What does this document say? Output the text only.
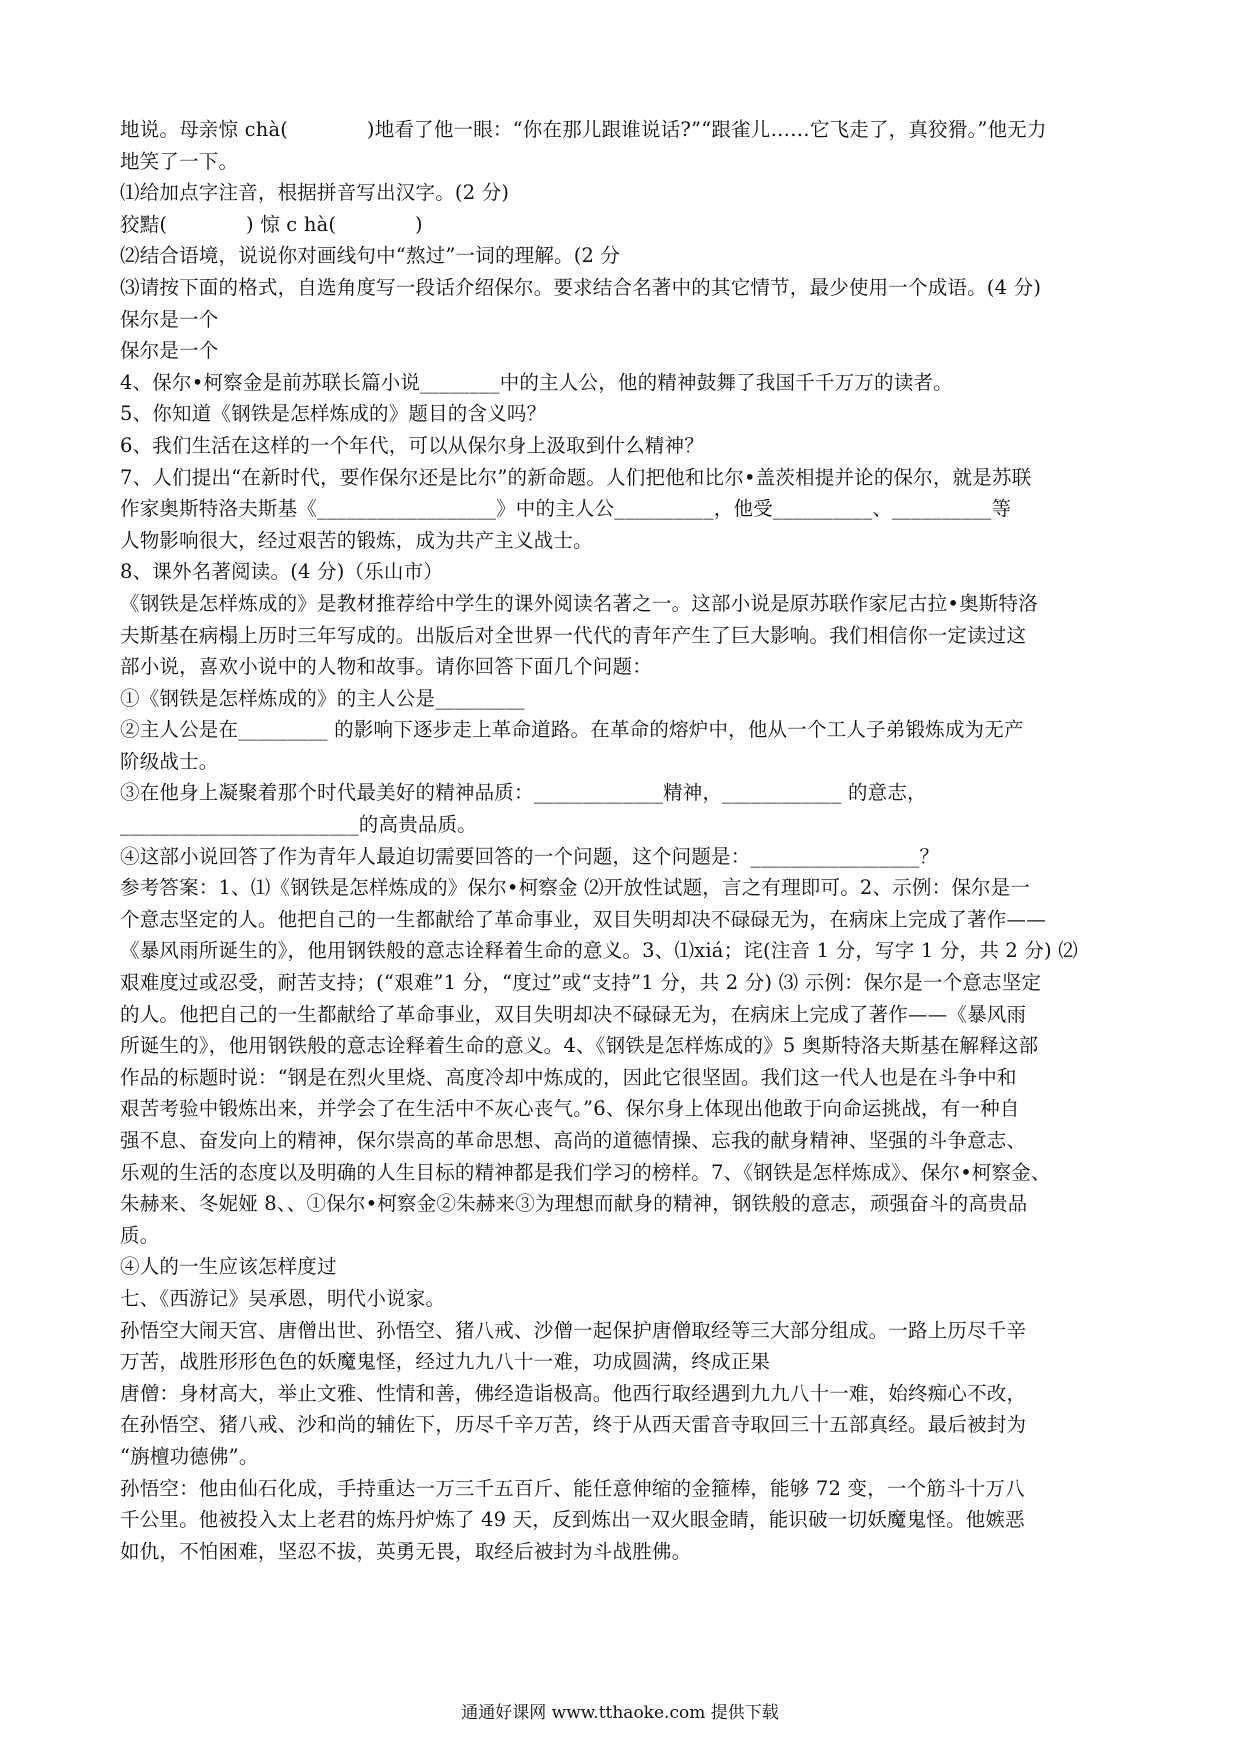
地说。母亲惊 chà(　　　　)地看了他一眼：“你在那儿跟谁说话?”“跟雀儿……它飞走了，真狡猾。”他无力
地笑了一下。
⑴给加点字注音，根据拼音写出汉字。(2 分)
狡黠(　　　　) 惊 c hà(　　　　)
⑵结合语境，说说你对画线句中“熬过”一词的理解。(2 分
⑶请按下面的格式，自选角度写一段话介绍保尔。要求结合名著中的其它情节，最少使用一个成语。(4 分)
保尔是一个
保尔是一个
4、保尔•柯察金是前苏联长篇小说________中的主人公，他的精神鼓舞了我国千千万万的读者。
5、你知道《钢铁是怎样炼成的》题目的含义吗？
6、我们生活在这样的一个年代，可以从保尔身上汲取到什么精神？
7、人们提出“在新时代，要作保尔还是比尔”的新命题。人们把他和比尔•盖茨相提并论的保尔，就是苏联
作家奥斯特洛夫斯基《__________________》中的主人公__________，他受__________、__________等
人物影响很大，经过艰苦的锻炼，成为共产主义战士。
8、课外名著阅读。(4 分)（乐山市）
《钢铁是怎样炼成的》是教材推荐给中学生的课外阅读名著之一。这部小说是原苏联作家尼古拉•奥斯特洛
夫斯基在病榻上历时三年写成的。出版后对全世界一代代的青年产生了巨大影响。我们相信你一定读过这
部小说，喜欢小说中的人物和故事。请你回答下面几个问题：
①《钢铁是怎样炼成的》的主人公是_________
②主人公是在_________ 的影响下逐步走上革命道路。在革命的熔炉中，他从一个工人子弟锻炼成为无产
阶级战士。
③在他身上凝聚着那个时代最美好的精神品质：_____________精神，____________ 的意志，
________________________的高贵品质。
④这部小说回答了作为青年人最迫切需要回答的一个问题，这个问题是：_________________？
参考答案：1、⑴《钢铁是怎样炼成的》保尔•柯察金 ⑵开放性试题，言之有理即可。2、示例：保尔是一
个意志坚定的人。他把自己的一生都献给了革命事业，双目失明却决不碌碌无为，在病床上完成了著作——
《暴风雨所诞生的》，他用钢铁般的意志诠释着生命的意义。3、⑴xiá；诧(注音 1 分，写字 1 分，共 2 分) ⑵
艰难度过或忍受，耐苦支持；(“艰难”1 分，“度过”或“支持”1 分，共 2 分) ⑶ 示例：保尔是一个意志坚定
的人。他把自己的一生都献给了革命事业，双目失明却决不碌碌无为，在病床上完成了著作——《暴风雨
所诞生的》，他用钢铁般的意志诠释着生命的意义。4、《钢铁是怎样炼成的》5 奥斯特洛夫斯基在解释这部
作品的标题时说：“钢是在烈火里烧、高度冷却中炼成的，因此它很坚固。我们这一代人也是在斗争中和
艰苦考验中锻炼出来，并学会了在生活中不灰心丧气。”6、保尔身上体现出他敢于向命运挑战，有一种自
强不息、奋发向上的精神，保尔崇高的革命思想、高尚的道德情操、忘我的献身精神、坚强的斗争意志、
乐观的生活的态度以及明确的人生目标的精神都是我们学习的榜样。7、《钢铁是怎样炼成》、保尔•柯察金、
朱赫来、冬妮娅 8、、①保尔•柯察金②朱赫来③为理想而献身的精神，钢铁般的意志，顽强奋斗的高贵品
质。
④人的一生应该怎样度过
七、《西游记》吴承恩，明代小说家。
孙悟空大闹天宫、唐僧出世、孙悟空、猪八戒、沙僧一起保护唐僧取经等三大部分组成。一路上历尽千辛
万苦，战胜形形色色的妖魔鬼怪，经过九九八十一难，功成圆满，终成正果
唐僧：身材高大，举止文雅、性情和善，佛经造诣极高。他西行取经遇到九九八十一难，始终痴心不改，
在孙悟空、猪八戒、沙和尚的辅佐下，历尽千辛万苦，终于从西天雷音寺取回三十五部真经。最后被封为
“旃檀功德佛”。
孙悟空：他由仙石化成，手持重达一万三千五百斤、能任意伸缩的金箍棒，能够 72 变，一个筋斗十万八
千公里。他被投入太上老君的炼丹炉炼了 49 天，反到炼出一双火眼金睛，能识破一切妖魔鬼怪。他嫉恶
如仇，不怕困难，坚忍不拔，英勇无畏，取经后被封为斗战胜佛。
通通好课网 www.tthaoke.com 提供下载
